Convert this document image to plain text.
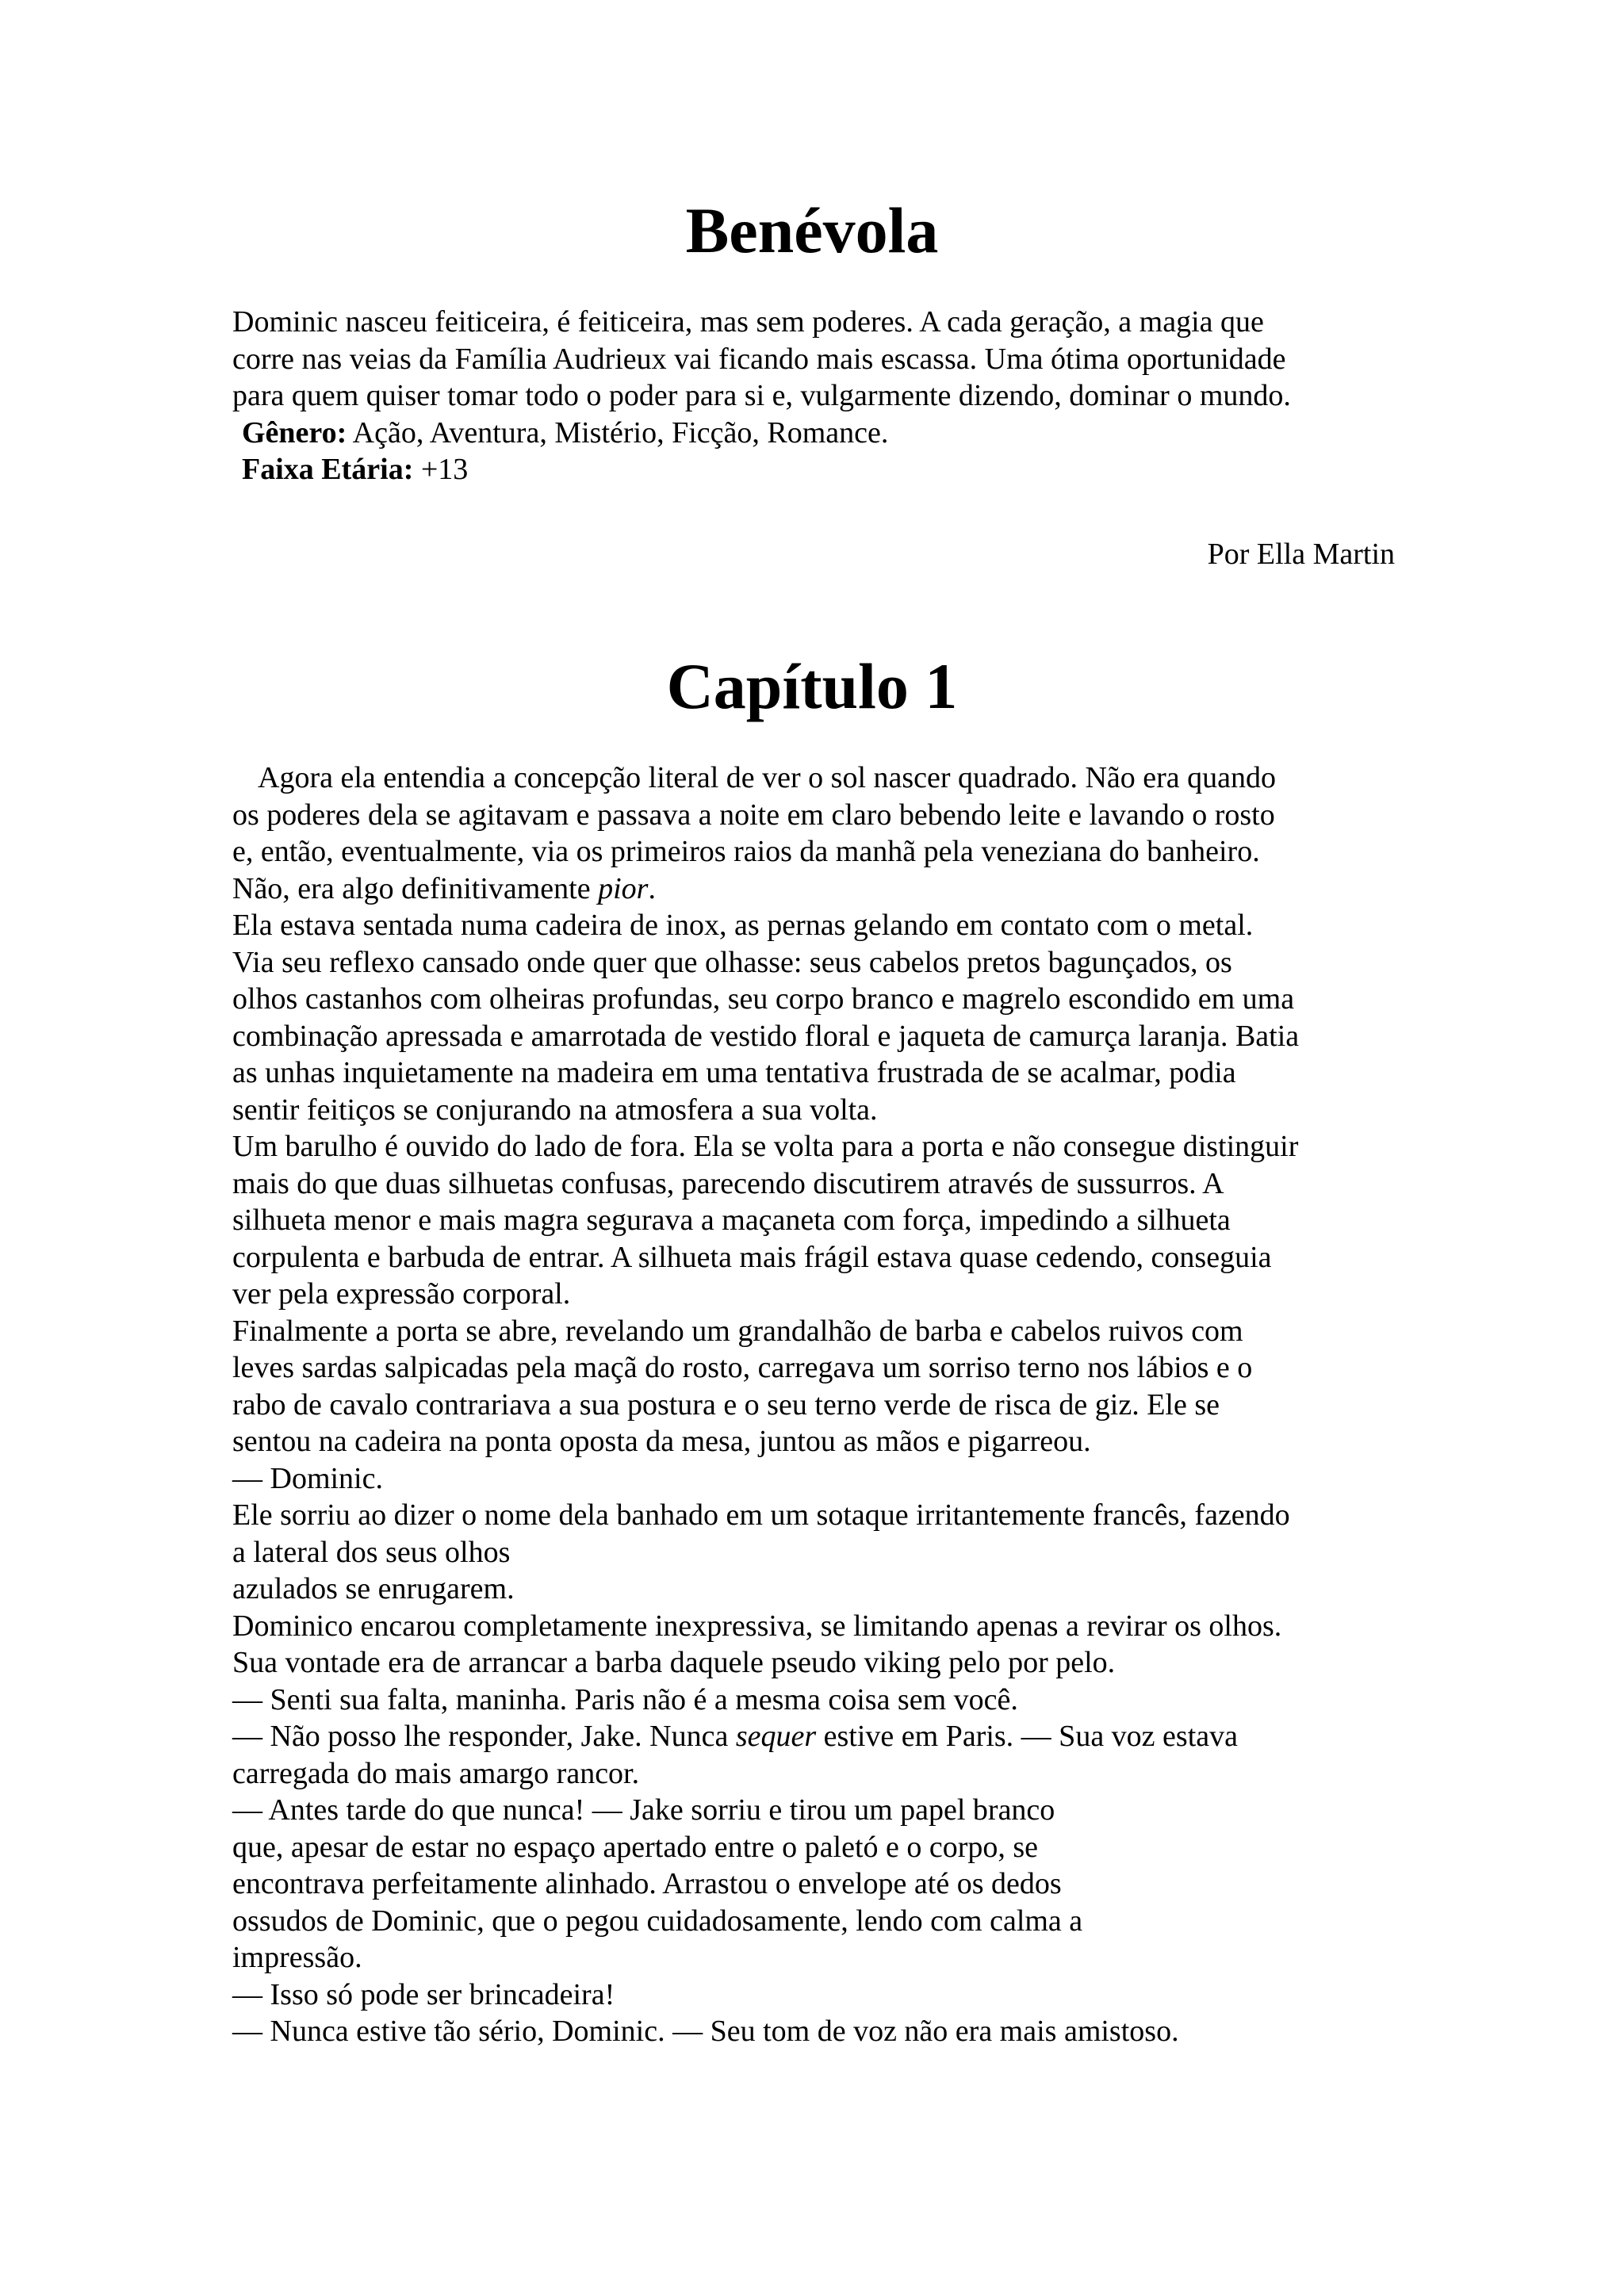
Benévola
Dominic nasceu feiticeira, é feiticeira, mas sem poderes. A cada geração, a magia que
corre nas veias da Família Audrieux vai ficando mais escassa. Uma ótima oportunidade
para quem quiser tomar todo o poder para si e, vulgarmente dizendo, dominar o mundo.
Gênero: Ação, Aventura, Mistério, Ficção, Romance.
Faixa Etária: +13

Por Ella Martin

Capítulo 1
Agora ela entendia a concepção literal de ver o sol nascer quadrado. Não era quando
os poderes dela se agitavam e passava a noite em claro bebendo leite e lavando o rosto
e, então, eventualmente, via os primeiros raios da manhã pela veneziana do banheiro.
Não, era algo definitivamente pior.
Ela estava sentada numa cadeira de inox, as pernas gelando em contato com o metal.
Via seu reflexo cansado onde quer que olhasse: seus cabelos pretos bagunçados, os
olhos castanhos com olheiras profundas, seu corpo branco e magrelo escondido em uma
combinação apressada e amarrotada de vestido floral e jaqueta de camurça laranja. Batia
as unhas inquietamente na madeira em uma tentativa frustrada de se acalmar, podia
sentir feitiços se conjurando na atmosfera a sua volta.
Um barulho é ouvido do lado de fora. Ela se volta para a porta e não consegue distinguir
mais do que duas silhuetas confusas, parecendo discutirem através de sussurros. A
silhueta menor e mais magra segurava a maçaneta com força, impedindo a silhueta
corpulenta e barbuda de entrar. A silhueta mais frágil estava quase cedendo, conseguia
ver pela expressão corporal.
Finalmente a porta se abre, revelando um grandalhão de barba e cabelos ruivos com
leves sardas salpicadas pela maçã do rosto, carregava um sorriso terno nos lábios e o
rabo de cavalo contrariava a sua postura e o seu terno verde de risca de giz. Ele se
sentou na cadeira na ponta oposta da mesa, juntou as mãos e pigarreou.
— Dominic.
Ele sorriu ao dizer o nome dela banhado em um sotaque irritantemente francês, fazendo
a lateral dos seus olhos
azulados se enrugarem.
Dominico encarou completamente inexpressiva, se limitando apenas a revirar os olhos.
Sua vontade era de arrancar a barba daquele pseudo viking pelo por pelo.
— Senti sua falta, maninha. Paris não é a mesma coisa sem você.
— Não posso lhe responder, Jake. Nunca sequer estive em Paris. — Sua voz estava
carregada do mais amargo rancor.
— Antes tarde do que nunca! — Jake sorriu e tirou um papel branco
que, apesar de estar no espaço apertado entre o paletó e o corpo, se
encontrava perfeitamente alinhado. Arrastou o envelope até os dedos
ossudos de Dominic, que o pegou cuidadosamente, lendo com calma a
impressão.
— Isso só pode ser brincadeira!
— Nunca estive tão sério, Dominic. — Seu tom de voz não era mais amistoso.
